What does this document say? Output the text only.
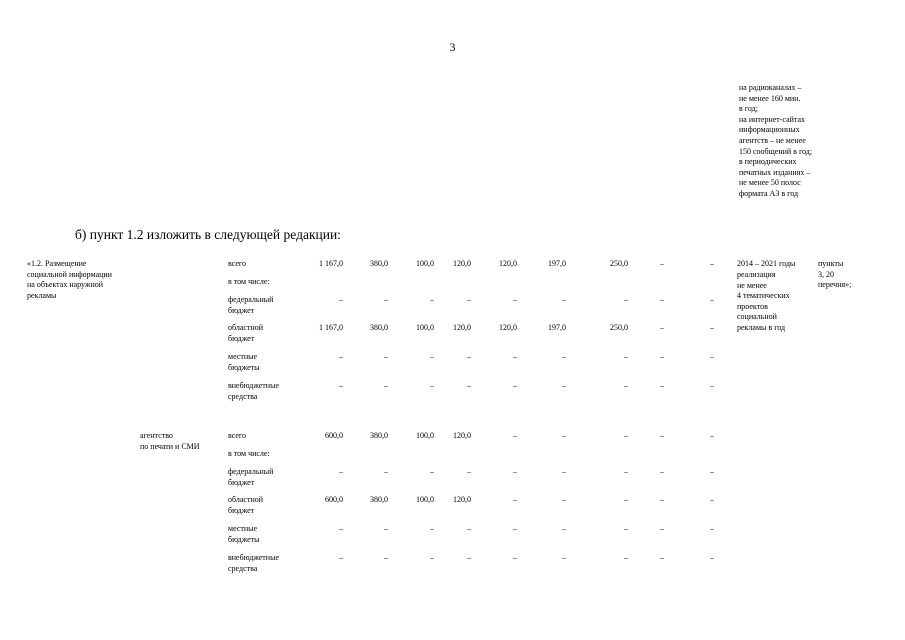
3
на радиоканалах –
не менее 160 мин.
в год;
на интернет-сайтах
информационных
агентств – не менее
150 сообщений в год;
в периодических
печатных изданиях –
не менее 50 полос
формата А3 в год
б) пункт 1.2 изложить в следующей редакции:
«1.2. Размещение
социальной информации
на объектах наружной
рекламы
2014 – 2021 годы
реализация
не менее
4 тематических
проектов
социальной
рекламы в год
пункты
3, 20
перечня»;
агентство
по печати и СМИ
всего	1 167,0	380,0	100,0	120,0	120,0	197,0	250,0	–	–
в том числе:
федеральный
бюджет
–	–	–	–	–	–	–	–	–
областной
бюджет
1 167,0	380,0	100,0	120,0	120,0	197,0	250,0	–	–
местные
бюджеты
–	–	–	–	–	–	–	–	–
внебюджетные
средства
–	–	–	–	–	–	–	–	–
всего	600,0	380,0	100,0	120,0	–	–	–	–	–
в том числе:
федеральный
бюджет
–	–	–	–	–	–	–	–	–
областной
бюджет
600,0	380,0	100,0	120,0	–	–	–	–	–
местные
бюджеты
–	–	–	–	–	–	–	–	–
внебюджетные
средства
–	–	–	–	–	–	–	–	–
